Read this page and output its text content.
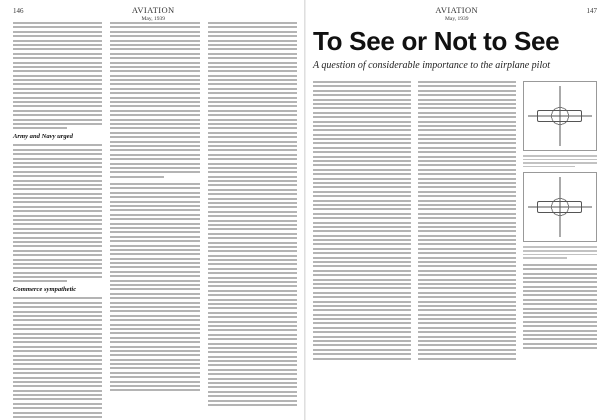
146	AVIATION
May, 1939
Army and Navy urged
Commerce sympathetic
AVIATION
May, 1939
147
To See or Not to See
A question of considerable importance to the airplane pilot
